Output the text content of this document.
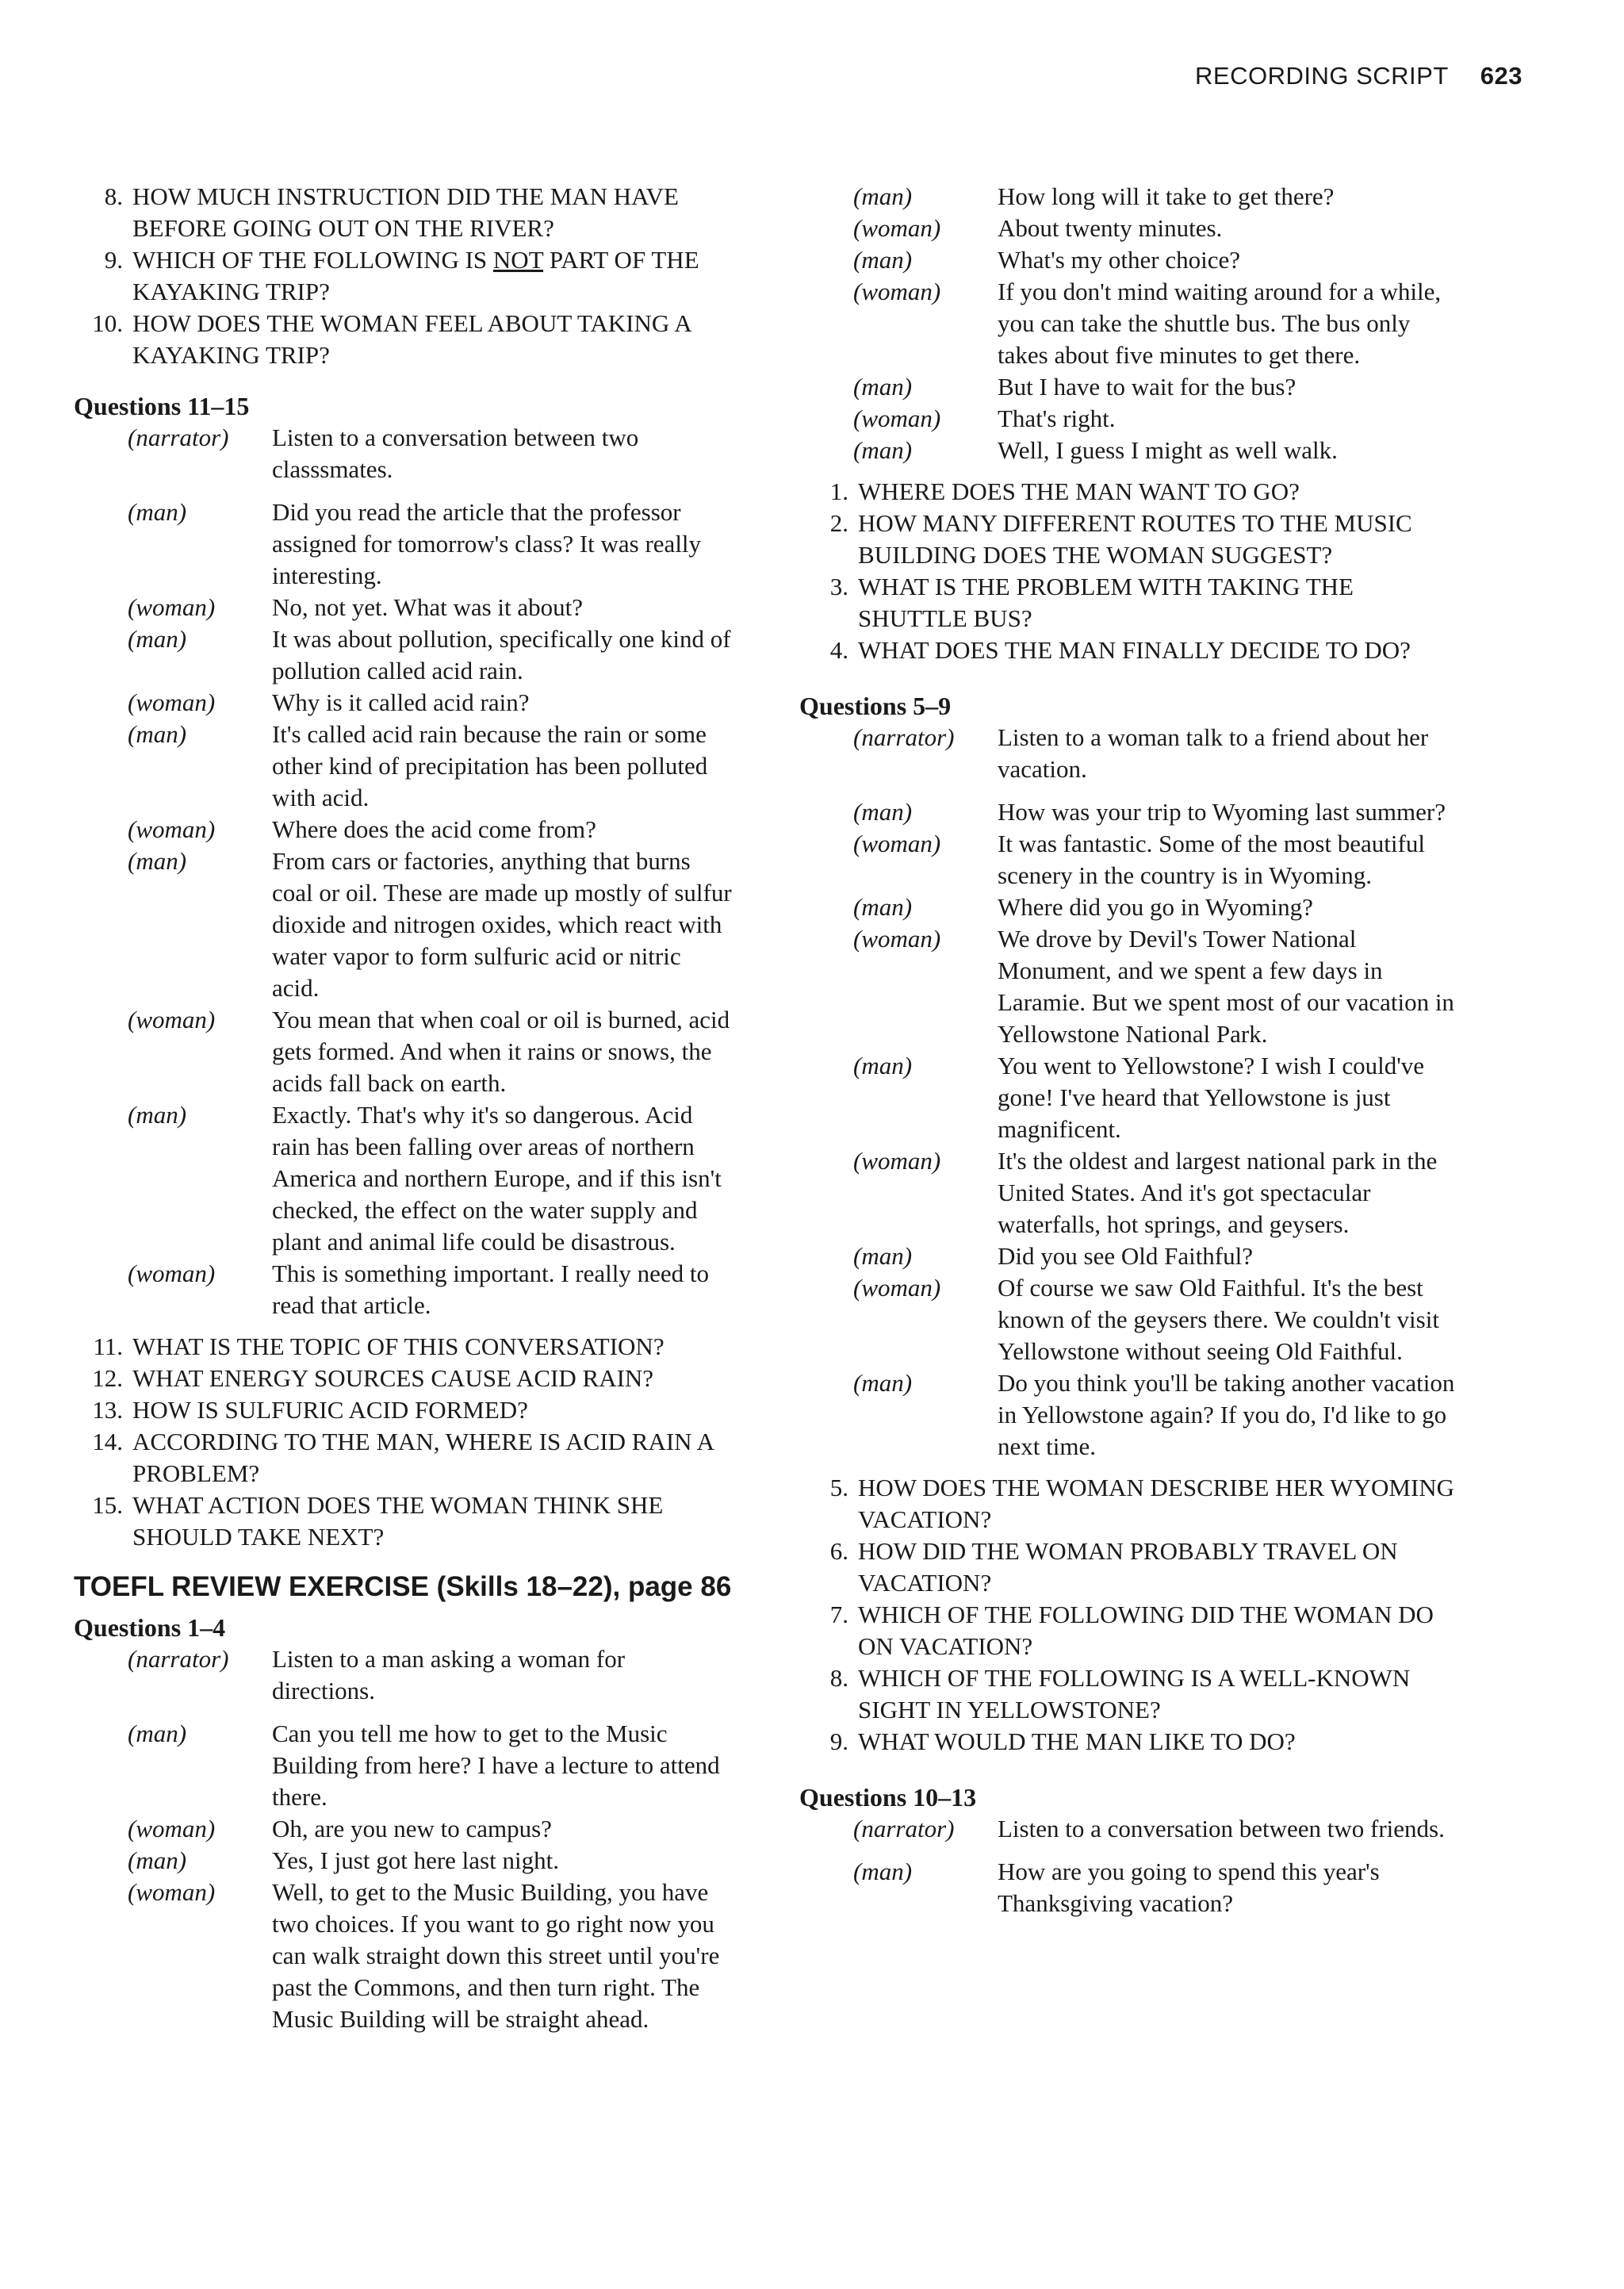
RECORDING SCRIPT 623
8. HOW MUCH INSTRUCTION DID THE MAN HAVE BEFORE GOING OUT ON THE RIVER?
9. WHICH OF THE FOLLOWING IS NOT PART OF THE KAYAKING TRIP?
10. HOW DOES THE WOMAN FEEL ABOUT TAKING A KAYAKING TRIP?
Questions 11–15
(narrator)	Listen to a conversation between two classsmates.
(man)	Did you read the article that the professor assigned for tomorrow's class? It was really interesting.
(woman)	No, not yet. What was it about?
(man)	It was about pollution, specifically one kind of pollution called acid rain.
(woman)	Why is it called acid rain?
(man)	It's called acid rain because the rain or some other kind of precipitation has been polluted with acid.
(woman)	Where does the acid come from?
(man)	From cars or factories, anything that burns coal or oil. These are made up mostly of sulfur dioxide and nitrogen oxides, which react with water vapor to form sulfuric acid or nitric acid.
(woman)	You mean that when coal or oil is burned, acid gets formed. And when it rains or snows, the acids fall back on earth.
(man)	Exactly. That's why it's so dangerous. Acid rain has been falling over areas of northern America and northern Europe, and if this isn't checked, the effect on the water supply and plant and animal life could be disastrous.
(woman)	This is something important. I really need to read that article.
11. WHAT IS THE TOPIC OF THIS CONVERSATION?
12. WHAT ENERGY SOURCES CAUSE ACID RAIN?
13. HOW IS SULFURIC ACID FORMED?
14. ACCORDING TO THE MAN, WHERE IS ACID RAIN A PROBLEM?
15. WHAT ACTION DOES THE WOMAN THINK SHE SHOULD TAKE NEXT?
TOEFL REVIEW EXERCISE (Skills 18–22), page 86
Questions 1–4
(narrator)	Listen to a man asking a woman for directions.
(man)	Can you tell me how to get to the Music Building from here? I have a lecture to attend there.
(woman)	Oh, are you new to campus?
(man)	Yes, I just got here last night.
(woman)	Well, to get to the Music Building, you have two choices. If you want to go right now you can walk straight down this street until you're past the Commons, and then turn right. The Music Building will be straight ahead.
(man)	How long will it take to get there?
(woman)	About twenty minutes.
(man)	What's my other choice?
(woman)	If you don't mind waiting around for a while, you can take the shuttle bus. The bus only takes about five minutes to get there.
(man)	But I have to wait for the bus?
(woman)	That's right.
(man)	Well, I guess I might as well walk.
1. WHERE DOES THE MAN WANT TO GO?
2. HOW MANY DIFFERENT ROUTES TO THE MUSIC BUILDING DOES THE WOMAN SUGGEST?
3. WHAT IS THE PROBLEM WITH TAKING THE SHUTTLE BUS?
4. WHAT DOES THE MAN FINALLY DECIDE TO DO?
Questions 5–9
(narrator)	Listen to a woman talk to a friend about her vacation.
(man)	How was your trip to Wyoming last summer?
(woman)	It was fantastic. Some of the most beautiful scenery in the country is in Wyoming.
(man)	Where did you go in Wyoming?
(woman)	We drove by Devil's Tower National Monument, and we spent a few days in Laramie. But we spent most of our vacation in Yellowstone National Park.
(man)	You went to Yellowstone? I wish I could've gone! I've heard that Yellowstone is just magnificent.
(woman)	It's the oldest and largest national park in the United States. And it's got spectacular waterfalls, hot springs, and geysers.
(man)	Did you see Old Faithful?
(woman)	Of course we saw Old Faithful. It's the best known of the geysers there. We couldn't visit Yellowstone without seeing Old Faithful.
(man)	Do you think you'll be taking another vacation in Yellowstone again? If you do, I'd like to go next time.
5. HOW DOES THE WOMAN DESCRIBE HER WYOMING VACATION?
6. HOW DID THE WOMAN PROBABLY TRAVEL ON VACATION?
7. WHICH OF THE FOLLOWING DID THE WOMAN DO ON VACATION?
8. WHICH OF THE FOLLOWING IS A WELL-KNOWN SIGHT IN YELLOWSTONE?
9. WHAT WOULD THE MAN LIKE TO DO?
Questions 10–13
(narrator)	Listen to a conversation between two friends.
(man)	How are you going to spend this year's Thanksgiving vacation?
